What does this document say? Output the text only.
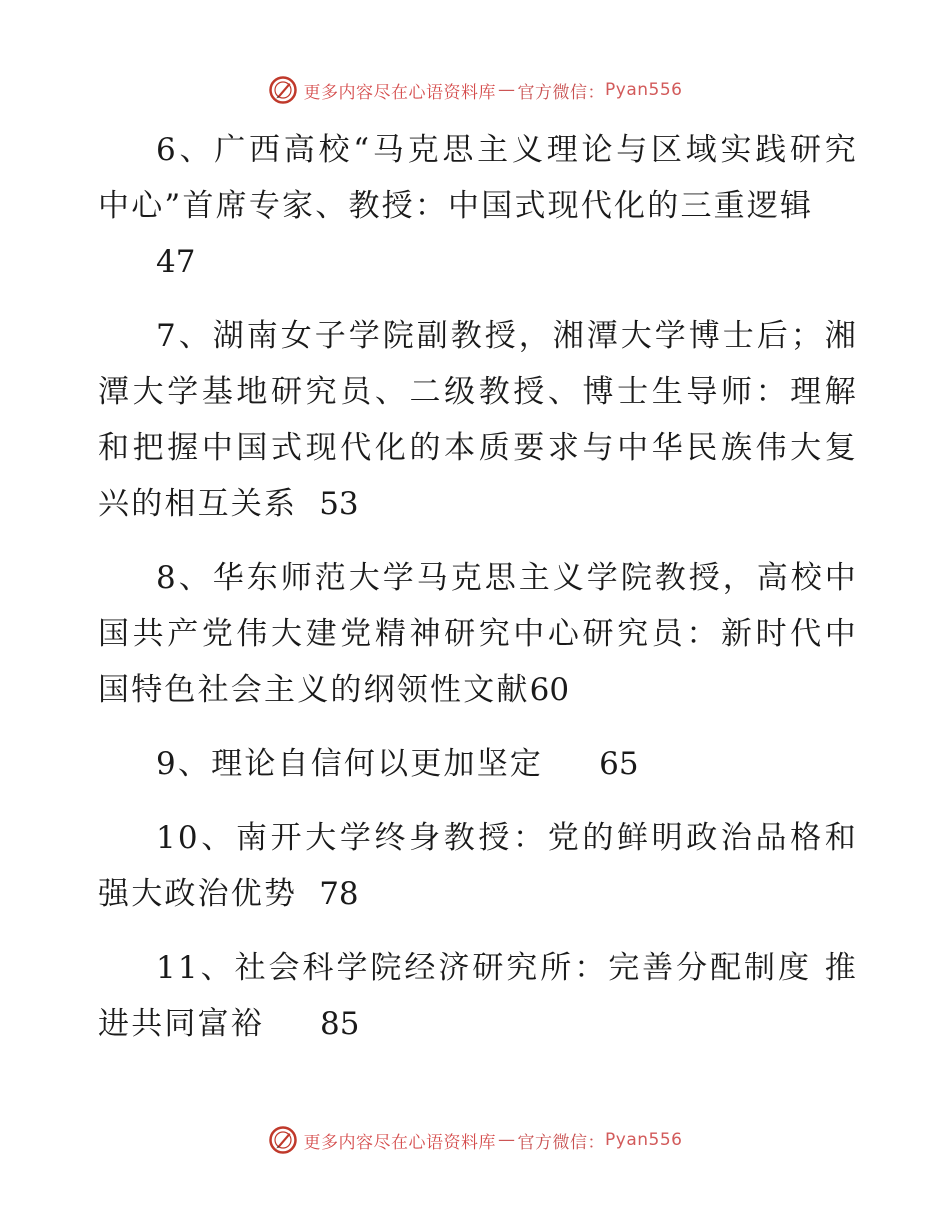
更多内容尽在心语资料库 — 官方微信： Pyan556

6、广西高校“马克思主义理论与区域实践研究中心”首席专家、教授：中国式现代化的三重逻辑
47

7、湖南女子学院副教授，湘潭大学博士后；湘潭大学基地研究员、二级教授、博士生导师：理解和把握中国式现代化的本质要求与中华民族伟大复兴的相互关系 53

8、华东师范大学马克思主义学院教授，高校中国共产党伟大建党精神研究中心研究员：新时代中国特色社会主义的纲领性文献60

9、理论自信何以更加坚定 65

10、南开大学终身教授：党的鲜明政治品格和强大政治优势 78

11、社会科学院经济研究所：完善分配制度 推进共同富裕 85

更多内容尽在心语资料库 — 官方微信： Pyan556
